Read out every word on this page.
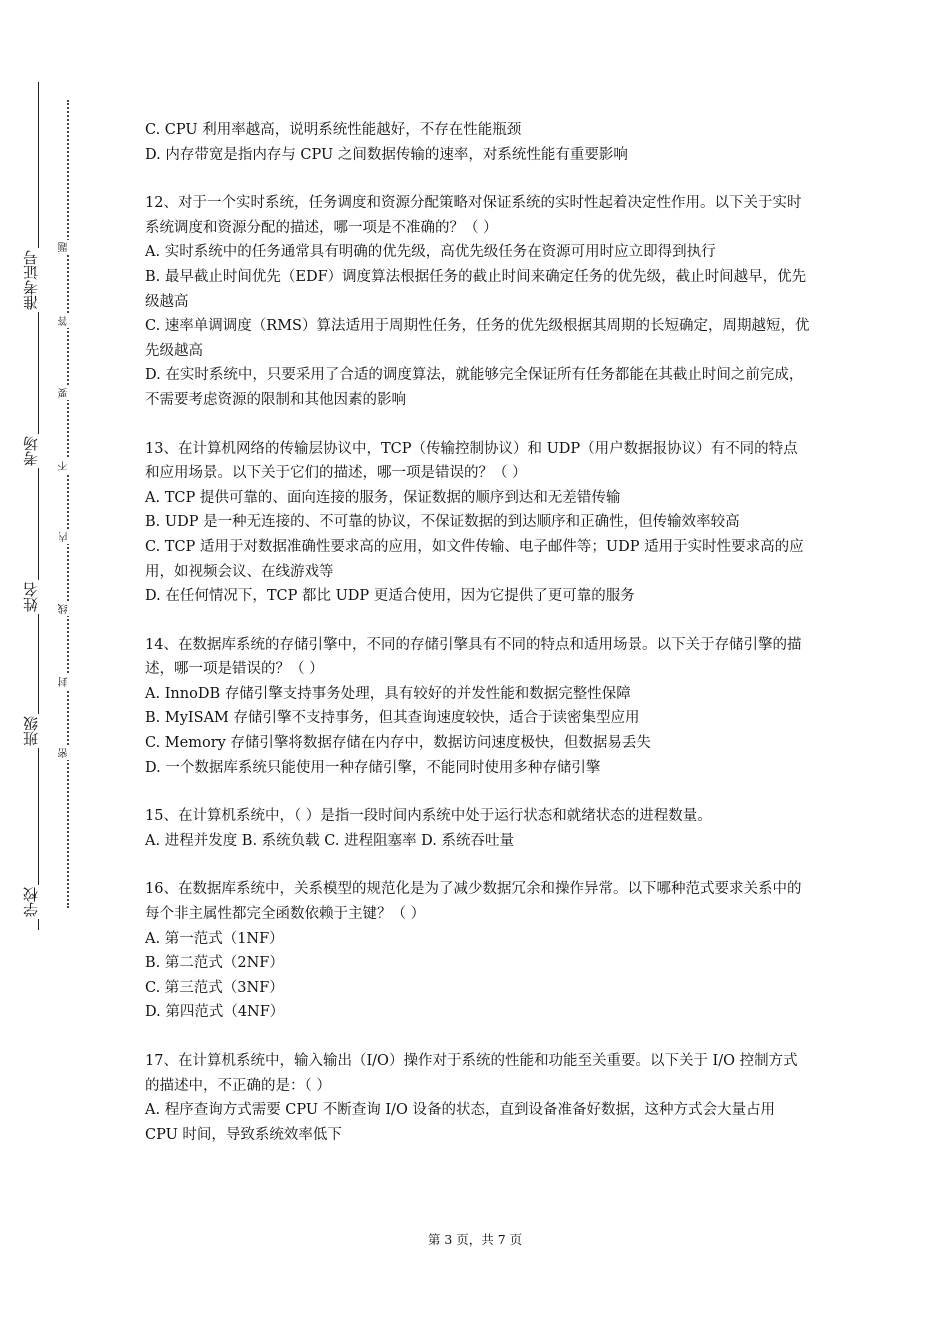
准考证号
考场
姓名
班级
学校
题
答
要
不
内
线
封
密

C. CPU 利用率越高，说明系统性能越好，不存在性能瓶颈

D. 内存带宽是指内存与 CPU 之间数据传输的速率，对系统性能有重要影响

12、对于一个实时系统，任务调度和资源分配策略对保证系统的实时性起着决定性作用。以下关于实时系统调度和资源分配的描述，哪一项是不准确的？（ ）

A. 实时系统中的任务通常具有明确的优先级，高优先级任务在资源可用时应立即得到执行

B. 最早截止时间优先（EDF）调度算法根据任务的截止时间来确定任务的优先级，截止时间越早，优先级越高

C. 速率单调调度（RMS）算法适用于周期性任务，任务的优先级根据其周期的长短确定，周期越短，优先级越高

D. 在实时系统中，只要采用了合适的调度算法，就能够完全保证所有任务都能在其截止时间之前完成，不需要考虑资源的限制和其他因素的影响

13、在计算机网络的传输层协议中，TCP（传输控制协议）和 UDP（用户数据报协议）有不同的特点和应用场景。以下关于它们的描述，哪一项是错误的？（ ）

A. TCP 提供可靠的、面向连接的服务，保证数据的顺序到达和无差错传输

B. UDP 是一种无连接的、不可靠的协议，不保证数据的到达顺序和正确性，但传输效率较高

C. TCP 适用于对数据准确性要求高的应用，如文件传输、电子邮件等；UDP 适用于实时性要求高的应用，如视频会议、在线游戏等

D. 在任何情况下，TCP 都比 UDP 更适合使用，因为它提供了更可靠的服务

14、在数据库系统的存储引擎中，不同的存储引擎具有不同的特点和适用场景。以下关于存储引擎的描述，哪一项是错误的？（ ）

A. InnoDB 存储引擎支持事务处理，具有较好的并发性能和数据完整性保障

B. MyISAM 存储引擎不支持事务，但其查询速度较快，适合于读密集型应用

C. Memory 存储引擎将数据存储在内存中，数据访问速度极快，但数据易丢失

D. 一个数据库系统只能使用一种存储引擎，不能同时使用多种存储引擎

15、在计算机系统中，（ ）是指一段时间内系统中处于运行状态和就绪状态的进程数量。

A. 进程并发度 B. 系统负载 C. 进程阻塞率 D. 系统吞吐量

16、在数据库系统中，关系模型的规范化是为了减少数据冗余和操作异常。以下哪种范式要求关系中的每个非主属性都完全函数依赖于主键？（ ）

A. 第一范式（1NF）

B. 第二范式（2NF）

C. 第三范式（3NF）

D. 第四范式（4NF）

17、在计算机系统中，输入输出（I/O）操作对于系统的性能和功能至关重要。以下关于 I/O 控制方式的描述中，不正确的是：（ ）

A. 程序查询方式需要 CPU 不断查询 I/O 设备的状态，直到设备准备好数据，这种方式会大量占用 CPU 时间，导致系统效率低下

第 3 页，共 7 页
